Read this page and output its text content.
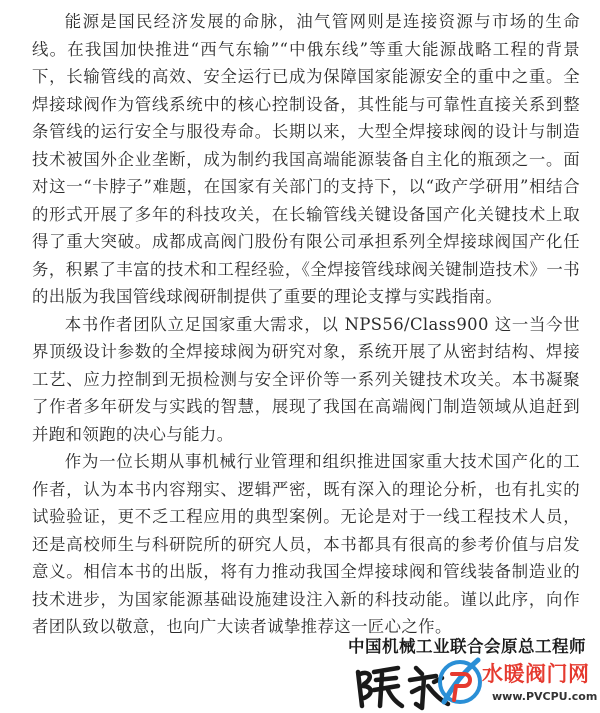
能源是国民经济发展的命脉，油气管网则是连接资源与市场的生命线。在我国加快推进“西气东输”“中俄东线”等重大能源战略工程的背景下，长输管线的高效、安全运行已成为保障国家能源安全的重中之重。全焊接球阀作为管线系统中的核心控制设备，其性能与可靠性直接关系到整条管线的运行安全与服役寿命。长期以来，大型全焊接球阀的设计与制造技术被国外企业垄断，成为制约我国高端能源装备自主化的瓶颈之一。面对这一“卡脖子”难题，在国家有关部门的支持下，以“政产学研用”相结合的形式开展了多年的科技攻关，在长输管线关键设备国产化关键技术上取得了重大突破。成都成高阀门股份有限公司承担系列全焊接球阀国产化任务，积累了丰富的技术和工程经验，《全焊接管线球阀关键制造技术》一书的出版为我国管线球阀研制提供了重要的理论支撑与实践指南。

本书作者团队立足国家重大需求，以 NPS56/Class900 这一当今世界顶级设计参数的全焊接球阀为研究对象，系统开展了从密封结构、焊接工艺、应力控制到无损检测与安全评价等一系列关键技术攻关。本书凝聚了作者多年研发与实践的智慧，展现了我国在高端阀门制造领域从追赶到并跑和领跑的决心与能力。

作为一位长期从事机械行业管理和组织推进国家重大技术国产化的工作者，认为本书内容翔实、逻辑严密，既有深入的理论分析，也有扎实的试验验证，更不乏工程应用的典型案例。无论是对于一线工程技术人员，还是高校师生与科研院所的研究人员，本书都具有很高的参考价值与启发意义。相信本书的出版，将有力推动我国全焊接球阀和管线装备制造业的技术进步，为国家能源基础设施建设注入新的科技动能。谨以此序，向作者团队致以敬意，也向广大读者诚挚推荐这一匠心之作。

中国机械工业联合会原总工程师
水暖阀门网
www.PVCPU.com
